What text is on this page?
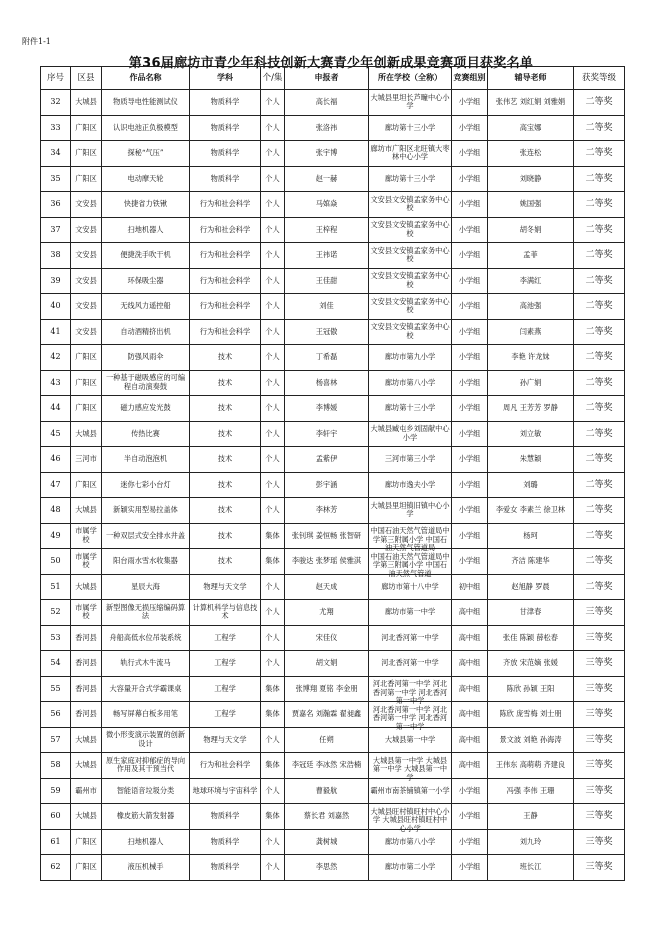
附件1-1
第36届廊坊市青少年科技创新大赛青少年创新成果竞赛项目获奖名单
序号	区县	作品名称	学科	个/集	申报者	所在学校（全称）	竞赛组别	辅导老师	获奖等级

32	大城县	物质导电性能测试仪	物质科学	个人	高长福	大城县里坦长芦疃中心小学	小学组	张伟艺 刘红娟 刘雅娟	二等奖

33	广阳区	认识电池正负极模型	物质科学	个人	张洛祎	廊坊第十三小学	小学组	高宝娜	二等奖

34	广阳区	探秘“气压”	物质科学	个人	张宇博	廊坊市广阳区北旺镇大枣林中心小学	小学组	张连松	二等奖

35	广阳区	电动摩天轮	物质科学	个人	赵一赫	廊坊第十三小学	小学组	刘晓静	二等奖

36	文安县	快捷省力铁锹	行为和社会科学	个人	马婠焱	文安县文安镇孟家务中心校	小学组	姚国强	二等奖

37	文安县	扫地机器人	行为和社会科学	个人	王梓程	文安县文安镇孟家务中心校	小学组	胡冬娟	二等奖

38	文安县	便捷洗手吹干机	行为和社会科学	个人	王祎诺	文安县文安镇孟家务中心校	小学组	孟菲	二等奖

39	文安县	环保吸尘器	行为和社会科学	个人	王佳甜	文安县文安镇孟家务中心校	小学组	李满红	二等奖

40	文安县	无线风力遥控船	行为和社会科学	个人	刘佳	文安县文安镇孟家务中心校	小学组	高池强	二等奖

41	文安县	自动酒精挤出机	行为和社会科学	个人	王冠傲	文安县文安镇孟家务中心校	小学组	闫素燕	二等奖

42	广阳区	防强风雨伞	技术	个人	丁希磊	廊坊市第九小学	小学组	李艳 许龙妹	二等奖

43	广阳区	一种基于磁吸感应的可编程自动演奏鼓	技术	个人	杨喜林	廊坊市第八小学	小学组	孙广娟	二等奖

44	广阳区	磁力感应发光鼓	技术	个人	李博媛	廊坊第十三小学	小学组	周凡 王芳芳 罗静	二等奖

45	大城县	传热比赛	技术	个人	李轩宇	大城县臧屯乡刘固献中心小学	小学组	刘立敏	二等奖

46	三河市	半自动泡泡机	技术	个人	孟紫伊	三河市第三小学	小学组	朱慧颖	二等奖

47	广阳区	迷你七彩小台灯	技术	个人	彭宇涵	廊坊市逸夫小学	小学组	刘璐	二等奖

48	大城县	新颖实用型易拉盖体	技术	个人	李林芳	大城县里坦镇旧镇中心小学	小学组	李爱女 李素兰 徐卫林	二等奖

49	市属学校	一种双层式安全排水井盖	技术	集体	张钊琪 姜恒畅 张智研	中国石油天然气管道局中学第三附属小学 中国石油天然气管道局	小学组	杨珂	二等奖

50	市属学校	阳台雨水雪水收集器	技术	集体	李骏达 张梦瑶 侯雅淇	中国石油天然气管道局中学第三附属小学 中国石油天然气管道	小学组	齐洁 陈建华	二等奖

51	大城县	星辰大海	物理与天文学	个人	赵天成	廊坊市第十八中学	初中组	赵旭静 罗晨	二等奖

52	市属学校	新型图像无损压缩编码算法	计算机科学与信息技术	个人	尤翔	廊坊市第一中学	高中组	甘津春	三等奖

53	香河县	舟船高低水位吊装系统	工程学	个人	宋佳仪	河北香河第一中学	高中组	张佳 陈颖 薛松春	三等奖

54	香河县	轨行式木牛流马	工程学	个人	胡文娟	河北香河第一中学	高中组	齐放 宋范嫡 张媛	三等奖

55	香河县	大容量开合式学霸课桌	工程学	集体	张博翔 夏铭 李金朋	河北香河第一中学 河北香河第一中学 河北香河第一中学	高中组	陈欣 孙颖 王阳	三等奖

56	香河县	畅写屏幕白板多用笔	工程学	集体	贾嘉名 刘瀚霖 翟昶鑫	河北香河第一中学 河北香河第一中学 河北香河第一中学	高中组	陈欣 庞雪梅 刘士朋	三等奖

57	大城县	微小形变演示装置的创新设计	物理与天文学	个人	任朔	大城县第一中学	高中组	景文波 刘艳 孙海涛	三等奖

58	大城县	原生家庭对抑郁症的导向作用及其干预当代	行为和社会科学	集体	李冠廷 李冰然 宋浩楠	大城县第一中学 大城县第一中学 大城县第一中学	高中组	王伟东 高萌萌 齐建良	三等奖

59	霸州市	智能语音垃圾分类	地球环境与宇宙科学	个人	曹毅航	霸州市南茶铺镇第一小学	小学组	冯强 李伟 王珊	三等奖

60	大城县	橡皮筋大箭发射器	物质科学	集体	蔡长君 刘嘉然	大城县旺村镇旺村中心小学 大城县旺村镇旺村中心小学	小学组	王静	三等奖

61	广阳区	扫地机器人	物质科学	个人	龚树城	廊坊市第八小学	小学组	刘九玲	三等奖

62	广阳区	液压机械手	物质科学	个人	李思然	廊坊市第二小学	小学组	班长江	三等奖
